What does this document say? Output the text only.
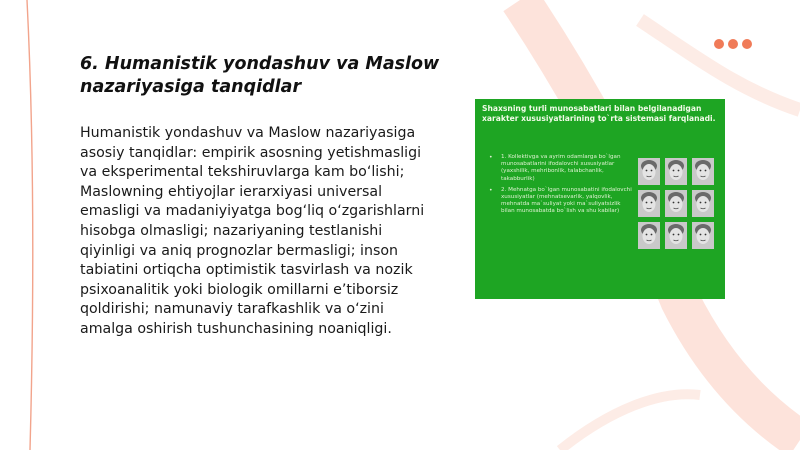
6. Humanistik yondashuv va Maslow nazariyasiga tanqidlar

Humanistik yondashuv va Maslow nazariyasiga asosiy tanqidlar: empirik asosning yetishmasligi va eksperimental tekshiruvlarga kam bo‘lishi; Maslowning ehtiyojlar ierarxiyasi universal emasligi va madaniyiyatga bog‘liq o‘zgarishlarni hisobga olmasligi; nazariyaning testlanishi qiyinligi va aniq prognozlar bermasligi; inson tabiatini ortiqcha optimistik tasvirlash va nozik psixoanalitik yoki biologik omillarni e’tiborsiz qoldirishi; namunaviy tarafkashlik va o‘zini amalga oshirish tushunchasining noaniqligi.

Shaxsning turli munosabatlari bilan belgilanadigan xarakter xususiyatlarining to`rta sistemasi farqlanadi.

• 1. Kollektivga va ayrim odamlarga bo`lgan munosabatlarini ifodalovchi xususiyatlar (yaxshilik, mehribonlik, talabchanlik, takabburlik)
• 2. Mehnatga bo`lgan munosabatini ifodalovchi xususiyatlar (mehnatsevarlik, yalqovlik, mehnatda ma`suliyat yoki ma`suliyatsizlik bilan munosabatda bo`lish va shu kabilar)
